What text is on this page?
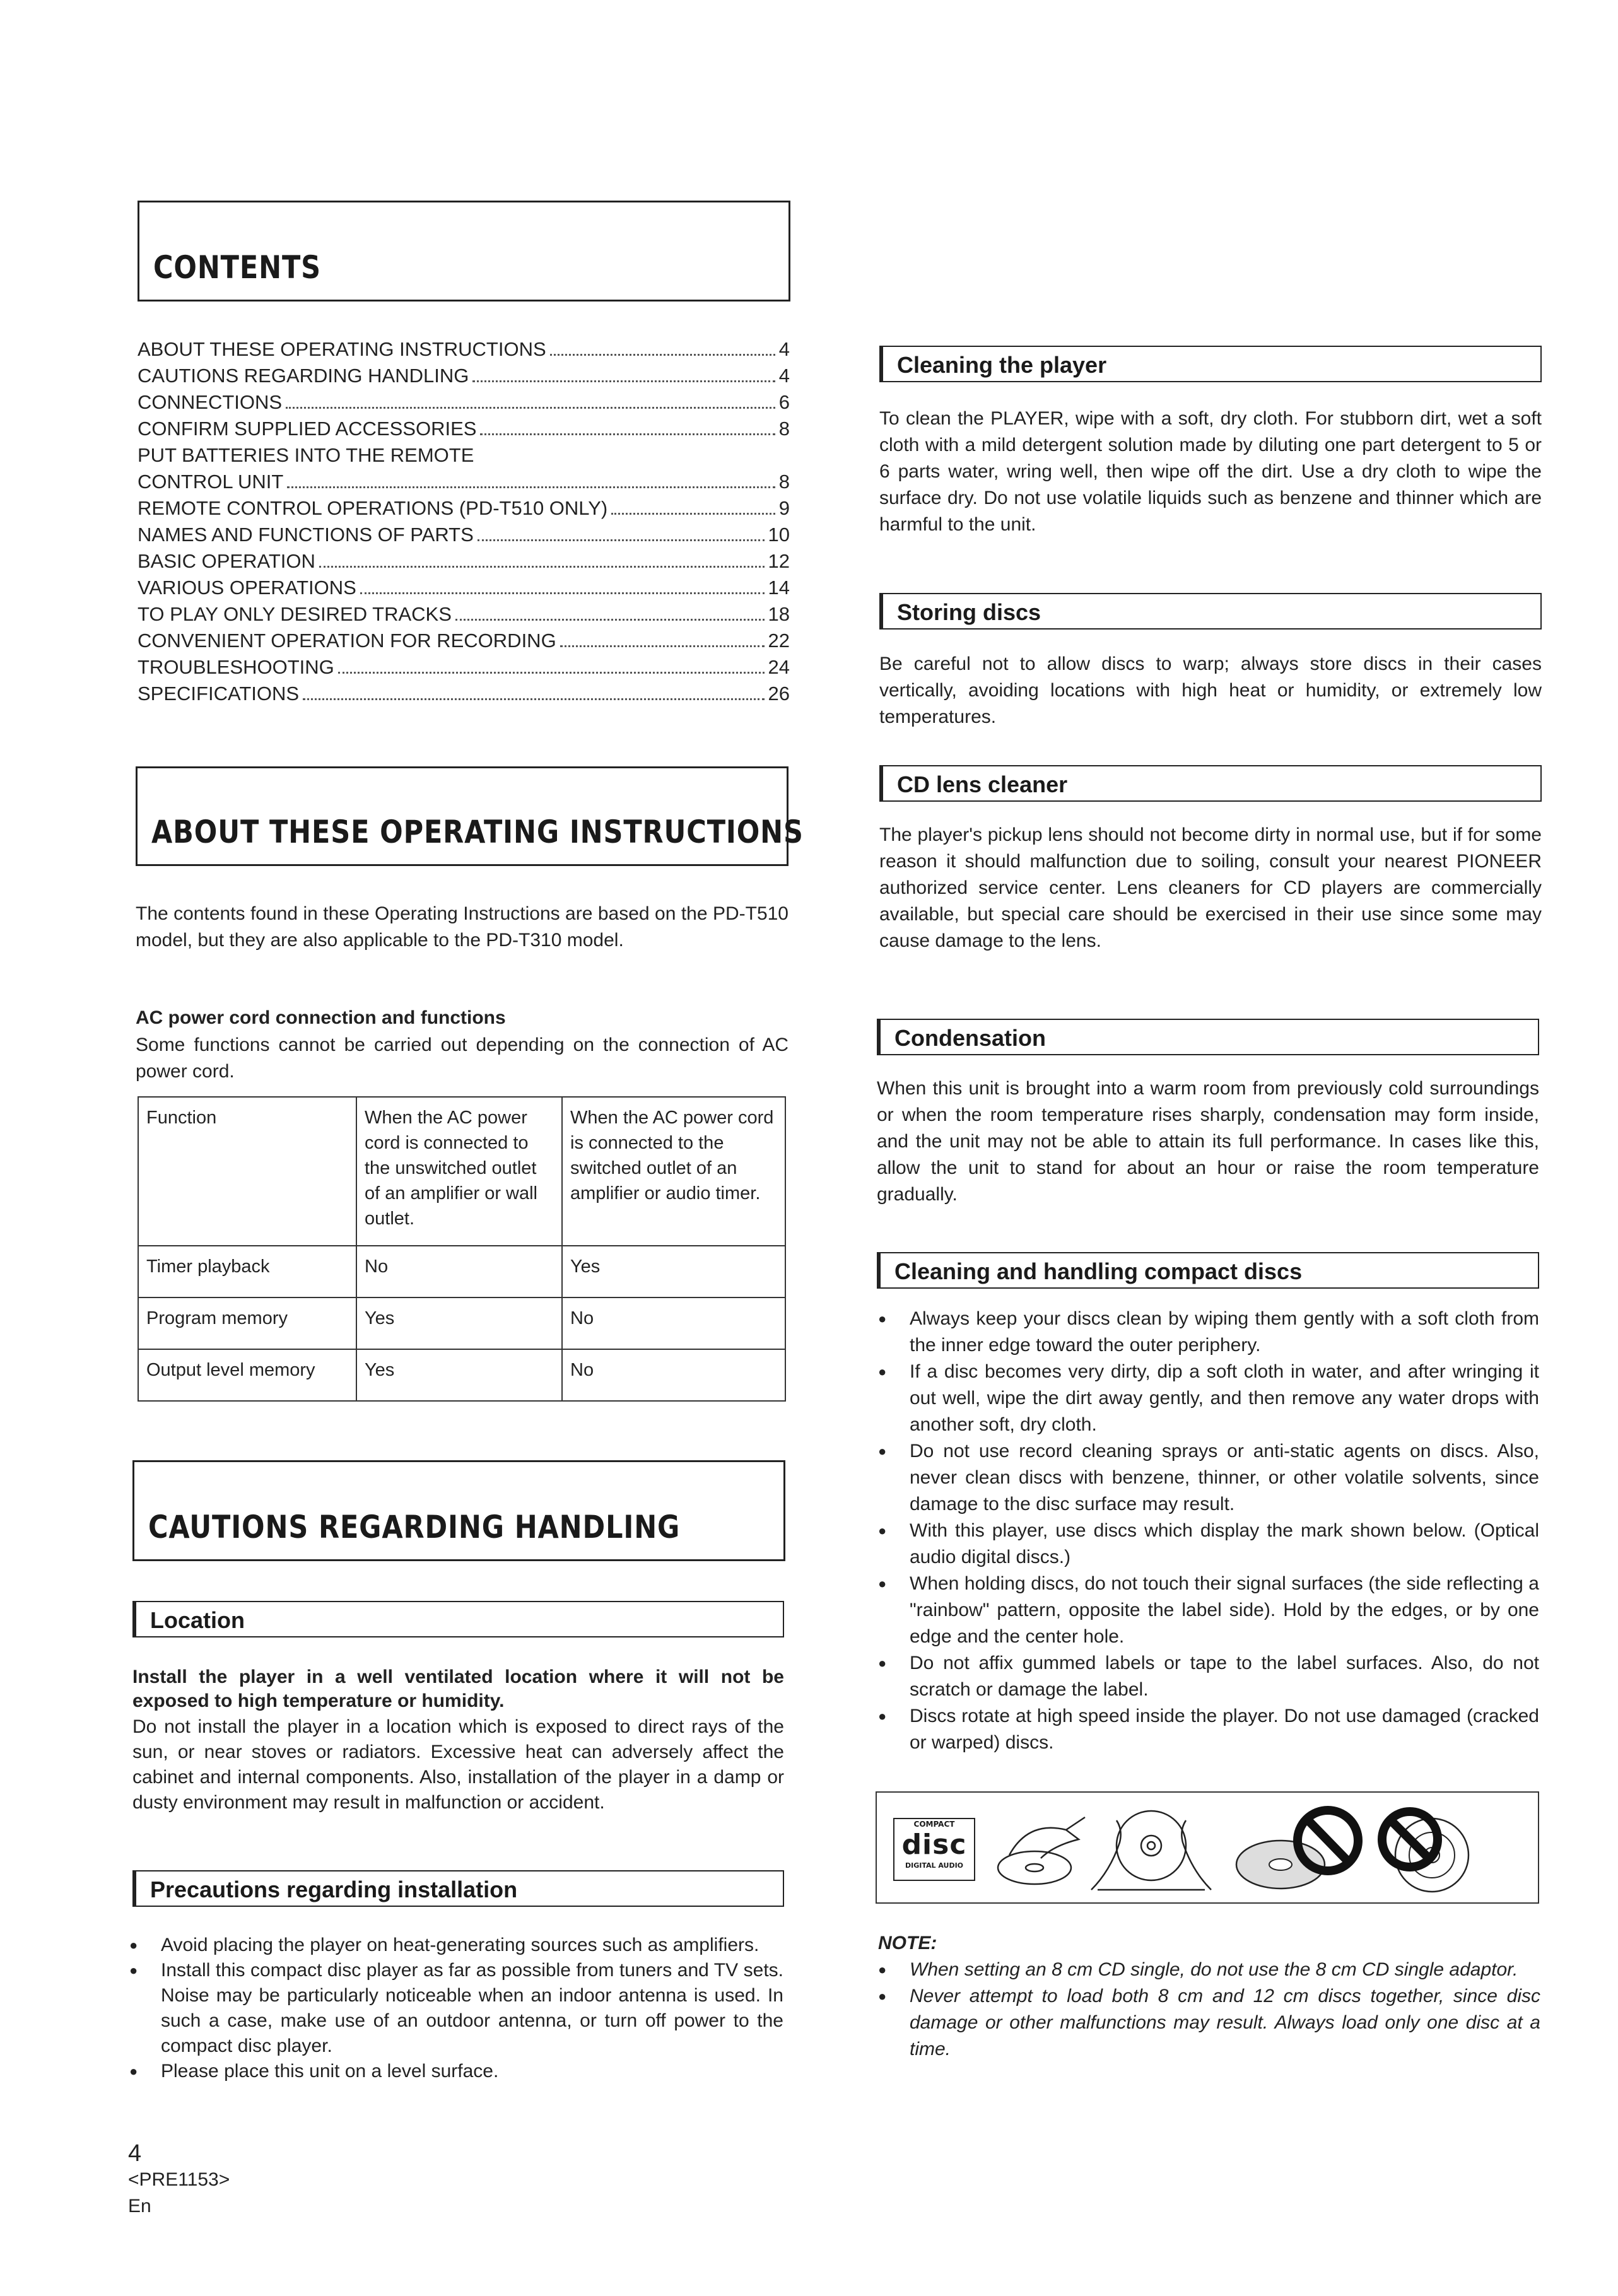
CONTENTS
ABOUT THESE OPERATING INSTRUCTIONS	4
CAUTIONS REGARDING HANDLING	4
CONNECTIONS	6
CONFIRM SUPPLIED ACCESSORIES	8
PUT BATTERIES INTO THE REMOTE
CONTROL UNIT	8
REMOTE CONTROL OPERATIONS (PD-T510 ONLY)	9
NAMES AND FUNCTIONS OF PARTS	10
BASIC OPERATION	12
VARIOUS OPERATIONS	14
TO PLAY ONLY DESIRED TRACKS	18
CONVENIENT OPERATION FOR RECORDING	22
TROUBLESHOOTING	24
SPECIFICATIONS	26
ABOUT THESE OPERATING INSTRUCTIONS
The contents found in these Operating Instructions are based on the PD-T510 model, but they are also applicable to the PD-T310 model.
AC power cord connection and functions
Some functions cannot be carried out depending on the connection of AC power cord.
Function	When the AC power cord is connected to the unswitched outlet of an amplifier or wall outlet.	When the AC power cord is connected to the switched outlet of an amplifier or audio timer.
Timer playback	No	Yes
Program memory	Yes	No
Output level memory	Yes	No
CAUTIONS REGARDING HANDLING
Location
Install the player in a well ventilated location where it will not be exposed to high temperature or humidity.
Do not install the player in a location which is exposed to direct rays of the sun, or near stoves or radiators. Excessive heat can adversely affect the cabinet and internal components. Also, installation of the player in a damp or dusty environment may result in malfunction or accident.
Precautions regarding installation
● Avoid placing the player on heat-generating sources such as amplifiers.
● Install this compact disc player as far as possible from tuners and TV sets. Noise may be particularly noticeable when an indoor antenna is used. In such a case, make use of an outdoor antenna, or turn off power to the compact disc player.
● Please place this unit on a level surface.
4
<PRE1153>
En
Cleaning the player
To clean the PLAYER, wipe with a soft, dry cloth. For stubborn dirt, wet a soft cloth with a mild detergent solution made by diluting one part detergent to 5 or 6 parts water, wring well, then wipe off the dirt. Use a dry cloth to wipe the surface dry. Do not use volatile liquids such as benzene and thinner which are harmful to the unit.
Storing discs
Be careful not to allow discs to warp; always store discs in their cases vertically, avoiding locations with high heat or humidity, or extremely low temperatures.
CD lens cleaner
The player's pickup lens should not become dirty in normal use, but if for some reason it should malfunction due to soiling, consult your nearest PIONEER authorized service center. Lens cleaners for CD players are commercially available, but special care should be exercised in their use since some may cause damage to the lens.
Condensation
When this unit is brought into a warm room from previously cold surroundings or when the room temperature rises sharply, condensation may form inside, and the unit may not be able to attain its full performance. In cases like this, allow the unit to stand for about an hour or raise the room temperature gradually.
Cleaning and handling compact discs
● Always keep your discs clean by wiping them gently with a soft cloth from the inner edge toward the outer periphery.
● If a disc becomes very dirty, dip a soft cloth in water, and after wringing it out well, wipe the dirt away gently, and then remove any water drops with another soft, dry cloth.
● Do not use record cleaning sprays or anti-static agents on discs. Also, never clean discs with benzene, thinner, or other volatile solvents, since damage to the disc surface may result.
● With this player, use discs which display the mark shown below. (Optical audio digital discs.)
● When holding discs, do not touch their signal surfaces (the side reflecting a "rainbow" pattern, opposite the label side). Hold by the edges, or by one edge and the center hole.
● Do not affix gummed labels or tape to the label surfaces. Also, do not scratch or damage the label.
● Discs rotate at high speed inside the player. Do not use damaged (cracked or warped) discs.
COMPACT
disc
DIGITAL AUDIO
NOTE:
● When setting an 8 cm CD single, do not use the 8 cm CD single adaptor.
● Never attempt to load both 8 cm and 12 cm discs together, since disc damage or other malfunctions may result. Always load only one disc at a time.
